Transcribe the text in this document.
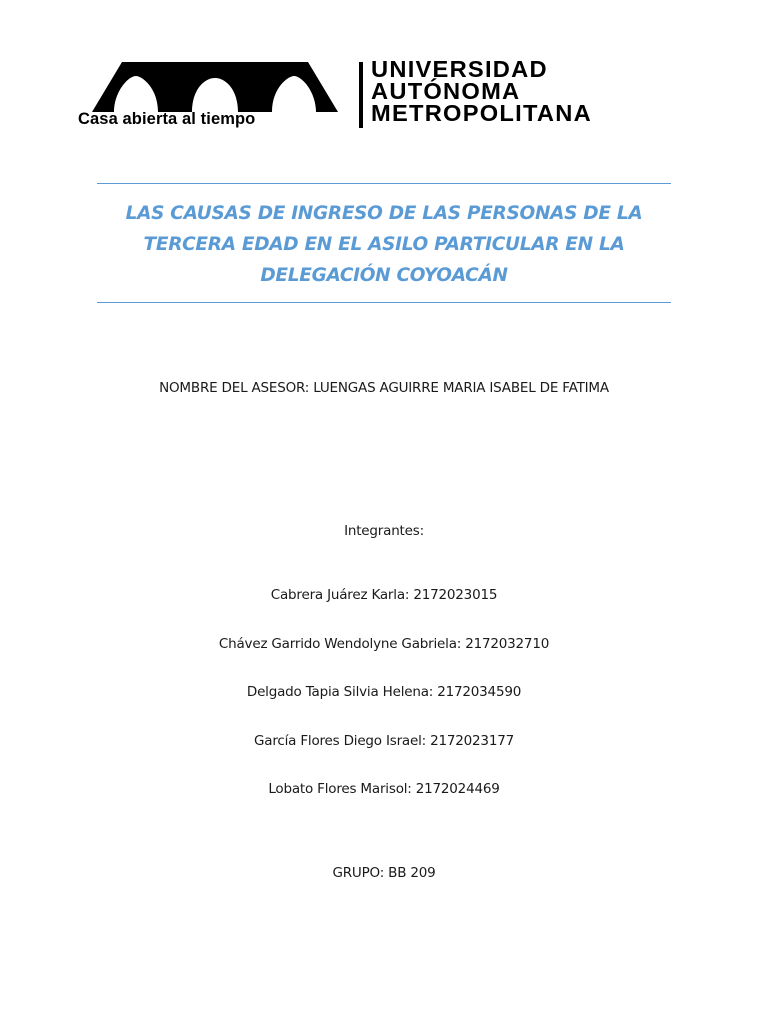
Casa abierta al tiempo
UNIVERSIDAD
AUTÓNOMA
METROPOLITANA
LAS CAUSAS DE INGRESO DE LAS PERSONAS DE LA TERCERA EDAD EN EL ASILO PARTICULAR EN LA DELEGACIÓN COYOACÁN
NOMBRE DEL ASESOR: LUENGAS AGUIRRE MARIA ISABEL DE FATIMA
Integrantes:
Cabrera Juárez Karla: 2172023015
Chávez Garrido Wendolyne Gabriela: 2172032710
Delgado Tapia Silvia Helena: 2172034590
García Flores Diego Israel: 2172023177
Lobato Flores Marisol: 2172024469
GRUPO: BB 209
